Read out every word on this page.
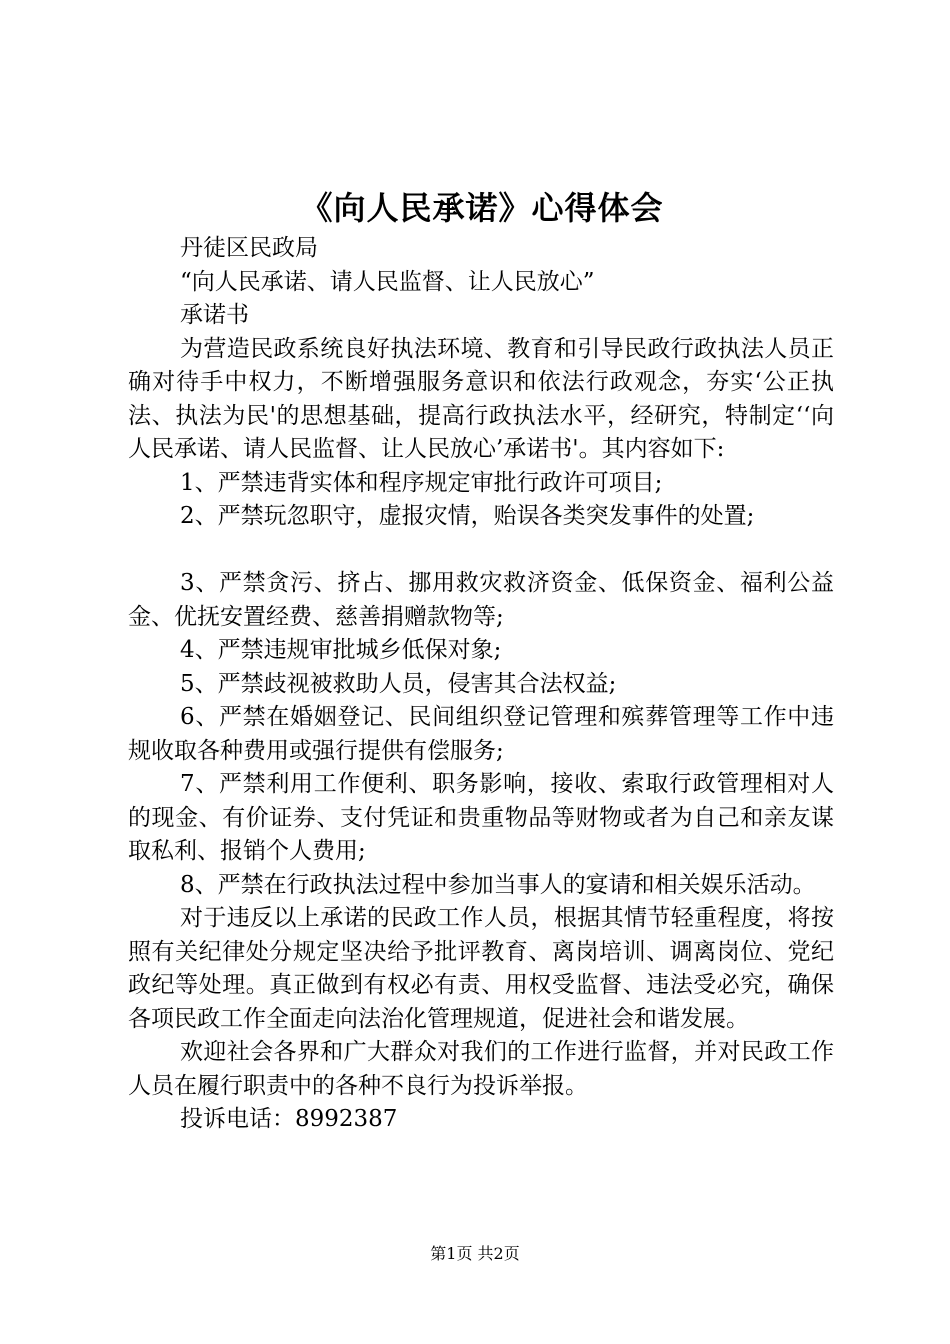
《向人民承诺》心得体会

丹徒区民政局

“向人民承诺、请人民监督、让人民放心”

承诺书

为营造民政系统良好执法环境、教育和引导民政行政执法人员正确对待手中权力，不断增强服务意识和依法行政观念，夯实‘公正执法、执法为民'的思想基础，提高行政执法水平，经研究，特制定‘‘向人民承诺、请人民监督、让人民放心’承诺书'。其内容如下:

1、严禁违背实体和程序规定审批行政许可项目;

2、严禁玩忽职守，虚报灾情，贻误各类突发事件的处置;

3、严禁贪污、挤占、挪用救灾救济资金、低保资金、福利公益金、优抚安置经费、慈善捐赠款物等;

4、严禁违规审批城乡低保对象;

5、严禁歧视被救助人员，侵害其合法权益;

6、严禁在婚姻登记、民间组织登记管理和殡葬管理等工作中违规收取各种费用或强行提供有偿服务;

7、严禁利用工作便利、职务影响，接收、索取行政管理相对人的现金、有价证券、支付凭证和贵重物品等财物或者为自己和亲友谋取私利、报销个人费用;

8、严禁在行政执法过程中参加当事人的宴请和相关娱乐活动。

对于违反以上承诺的民政工作人员，根据其情节轻重程度，将按照有关纪律处分规定坚决给予批评教育、离岗培训、调离岗位、党纪政纪等处理。真正做到有权必有责、用权受监督、违法受必究，确保各项民政工作全面走向法治化管理规道，促进社会和谐发展。

欢迎社会各界和广大群众对我们的工作进行监督，并对民政工作人员在履行职责中的各种不良行为投诉举报。

投诉电话：8992387

第1页 共2页
